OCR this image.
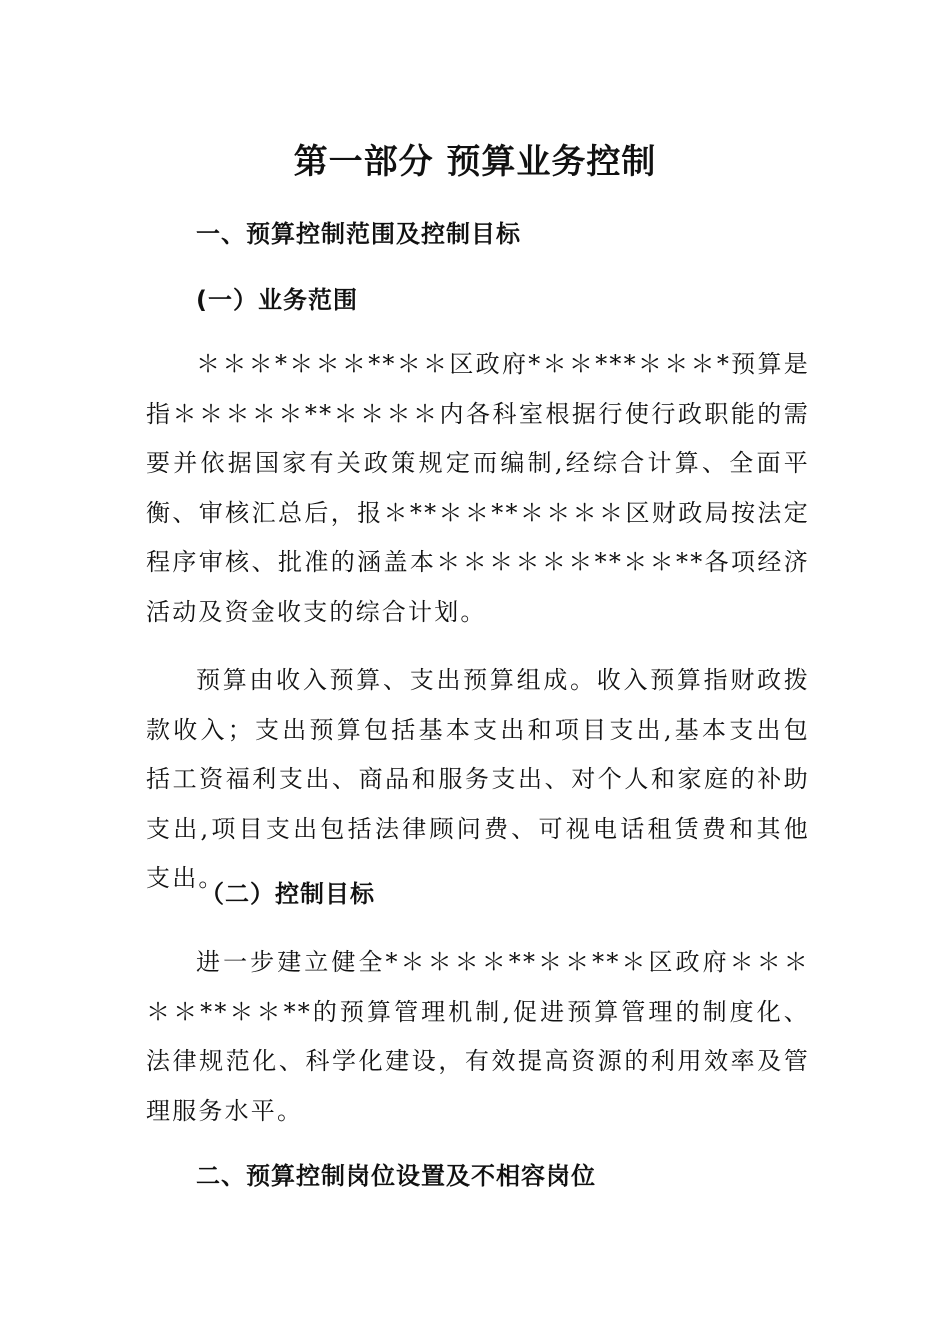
第一部分 预算业务控制
一、预算控制范围及控制目标
(一）业务范围
＊＊＊*＊＊＊**＊＊区政府*＊＊***＊＊＊*预算是指＊＊＊＊＊**＊＊＊＊内各科室根据行使行政职能的需要并依据国家有关政策规定而编制,经综合计算、全面平衡、审核汇总后，报＊**＊＊**＊＊＊＊区财政局按法定程序审核、批准的涵盖本＊＊＊＊＊＊**＊＊**各项经济活动及资金收支的综合计划。
预算由收入预算、支出预算组成。收入预算指财政拨款收入；支出预算包括基本支出和项目支出,基本支出包括工资福利支出、商品和服务支出、对个人和家庭的补助支出,项目支出包括法律顾问费、可视电话租赁费和其他支出。
（二）控制目标
进一步建立健全*＊＊＊＊**＊＊**＊区政府＊＊＊＊＊**＊＊**的预算管理机制,促进预算管理的制度化、法律规范化、科学化建设，有效提高资源的利用效率及管理服务水平。
二、预算控制岗位设置及不相容岗位
